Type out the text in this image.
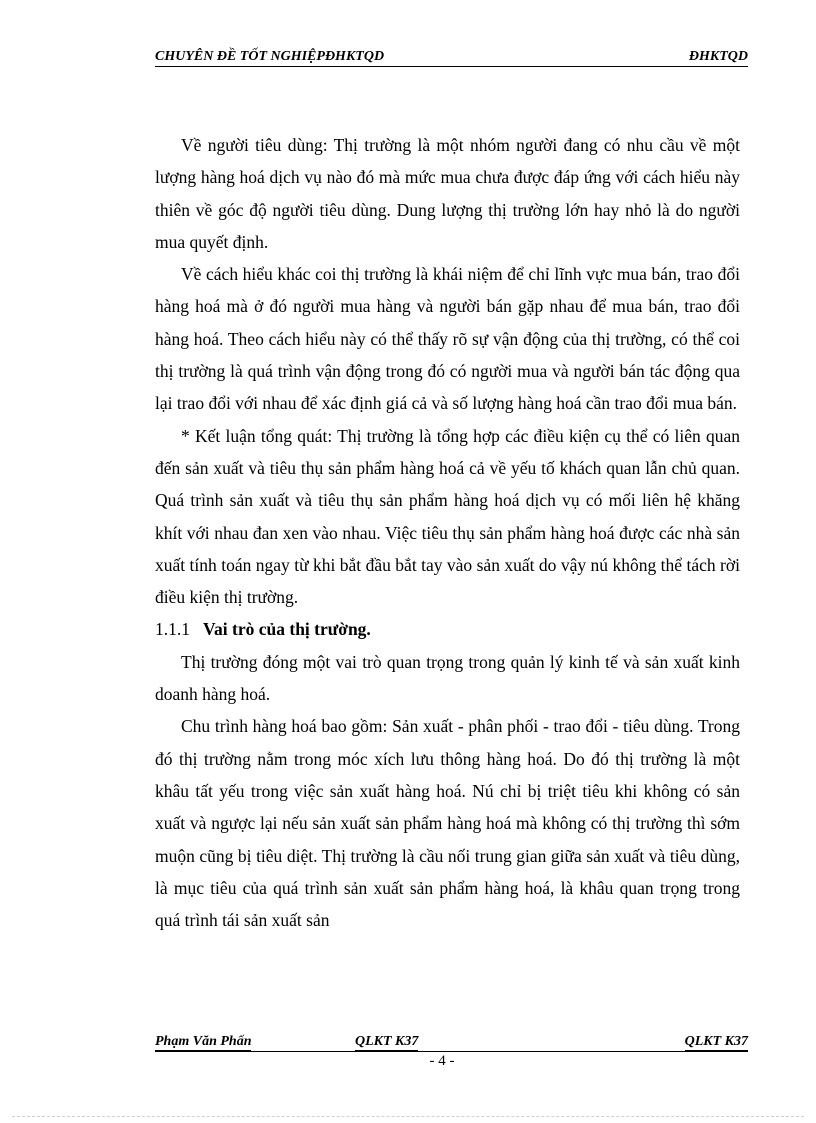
CHUYÊN ĐỀ TỐT NGHIỆPĐHKTQD	ĐHKTQD

Về người tiêu dùng: Thị trường là một nhóm người đang có nhu cầu về một lượng hàng hoá dịch vụ nào đó mà mức mua chưa được đáp ứng với cách hiểu này thiên về góc độ người tiêu dùng. Dung lượng thị trường lớn hay nhỏ là do người mua quyết định.

Về cách hiểu khác coi thị trường là khái niệm để chỉ lĩnh vực mua bán, trao đổi hàng hoá mà ở đó người mua hàng và người bán gặp nhau để mua bán, trao đổi hàng hoá. Theo cách hiểu này có thể thấy rõ sự vận động của thị trường, có thể coi thị trường là quá trình vận động trong đó có người mua và người bán tác động qua lại trao đổi với nhau để xác định giá cả và số lượng hàng hoá cần trao đổi mua bán.

* Kết luận tổng quát: Thị trường là tổng hợp các điều kiện cụ thể có liên quan đến sản xuất và tiêu thụ sản phẩm hàng hoá cả về yếu tố khách quan lẫn chủ quan. Quá trình sản xuất và tiêu thụ sản phẩm hàng hoá dịch vụ có mối liên hệ khăng khít với nhau đan xen vào nhau. Việc tiêu thụ sản phẩm hàng hoá được các nhà sản xuất tính toán ngay từ khi bắt đầu bắt tay vào sản xuất do vậy nú không thể tách rời điều kiện thị trường.

1.1.1 Vai trò của thị trường.

Thị trường đóng một vai trò quan trọng trong quản lý kinh tế và sản xuất kinh doanh hàng hoá.

Chu trình hàng hoá bao gồm: Sản xuất - phân phối - trao đổi - tiêu dùng. Trong đó thị trường nằm trong móc xích lưu thông hàng hoá. Do đó thị trường là một khâu tất yếu trong việc sản xuất hàng hoá. Nú chỉ bị triệt tiêu khi không có sản xuất và ngược lại nếu sản xuất sản phẩm hàng hoá mà không có thị trường thì sớm muộn cũng bị tiêu diệt. Thị trường là cầu nối trung gian giữa sản xuất và tiêu dùng, là mục tiêu của quá trình sản xuất sản phẩm hàng hoá, là khâu quan trọng trong quá trình tái sản xuất sản

Phạm Văn Phấn	QLKT K37	QLKT K37
- 4 -
